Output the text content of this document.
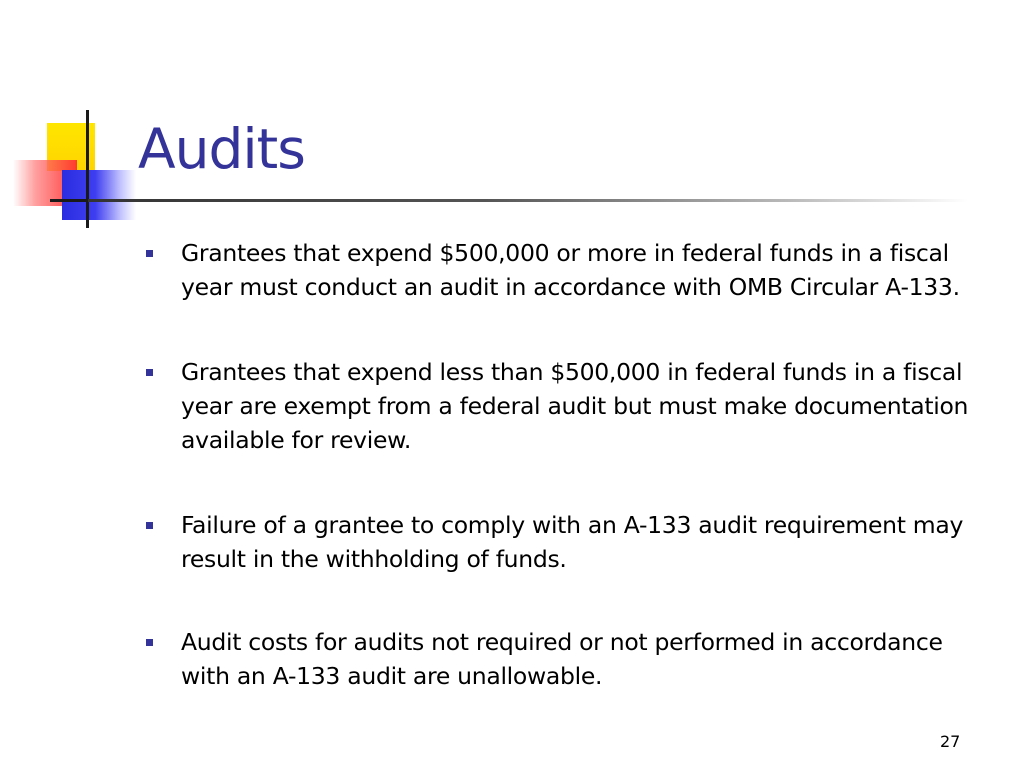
Audits
Grantees that expend $500,000 or more in federal funds in a fiscal year must conduct an audit in accordance with OMB Circular A-133.
Grantees that expend less than $500,000 in federal funds in a fiscal year are exempt from a federal audit but must make documentation available for review.
Failure of a grantee to comply with an A-133 audit requirement may result in the withholding of funds.
Audit costs for audits not required or not performed in accordance with an A-133 audit are unallowable.
27
